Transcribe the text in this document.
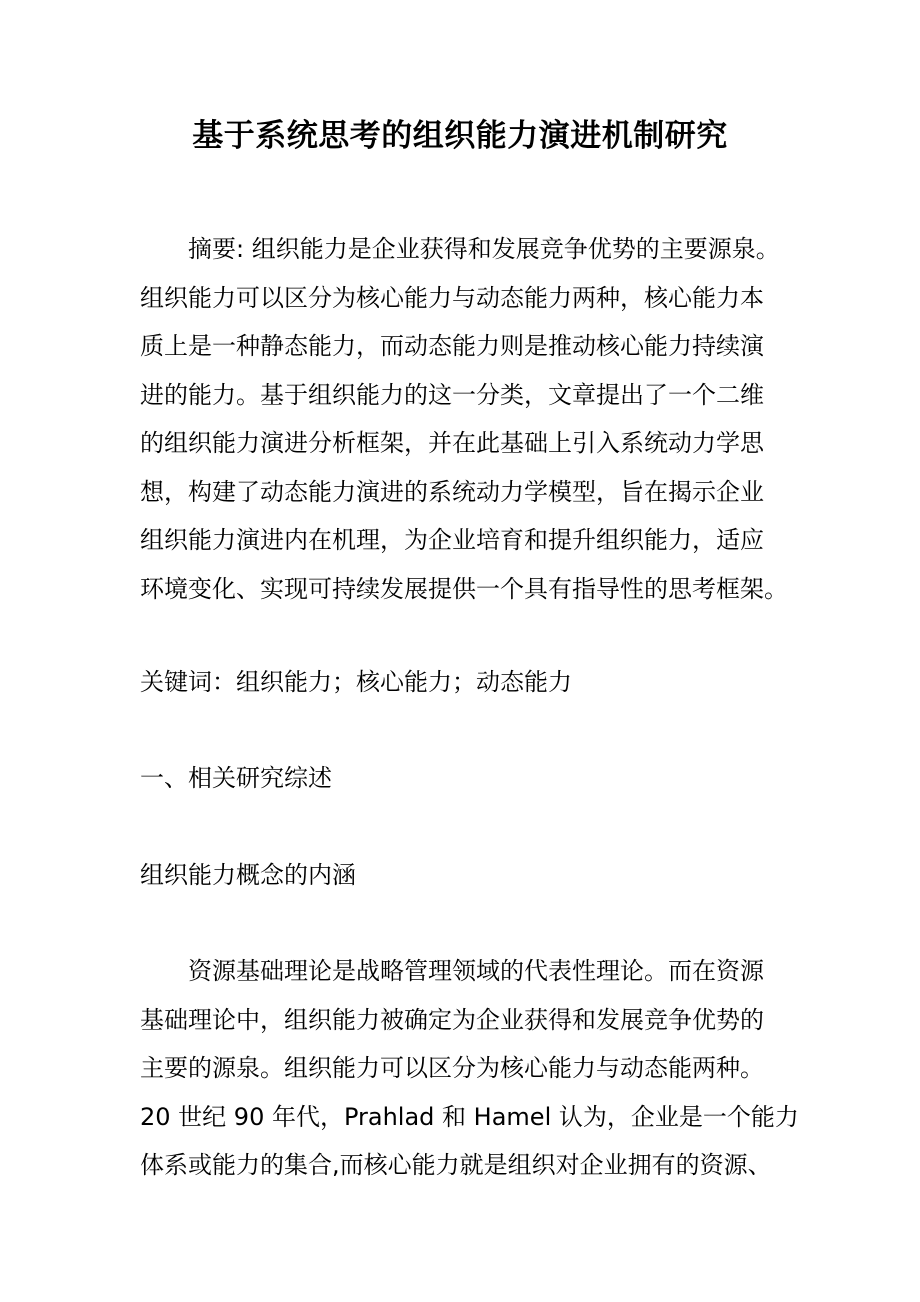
基于系统思考的组织能力演进机制研究
摘要: 组织能力是企业获得和发展竞争优势的主要源泉。
组织能力可以区分为核心能力与动态能力两种，核心能力本
质上是一种静态能力，而动态能力则是推动核心能力持续演
进的能力。基于组织能力的这一分类，文章提出了一个二维
的组织能力演进分析框架，并在此基础上引入系统动力学思
想，构建了动态能力演进的系统动力学模型，旨在揭示企业
组织能力演进内在机理，为企业培育和提升组织能力，适应
环境变化、实现可持续发展提供一个具有指导性的思考框架。
关键词：组织能力；核心能力；动态能力
一、相关研究综述
组织能力概念的内涵
资源基础理论是战略管理领域的代表性理论。而在资源
基础理论中，组织能力被确定为企业获得和发展竞争优势的
主要的源泉。组织能力可以区分为核心能力与动态能两种。
20 世纪 90 年代，Prahlad 和 Hamel 认为，企业是一个能力
体系或能力的集合,而核心能力就是组织对企业拥有的资源、
